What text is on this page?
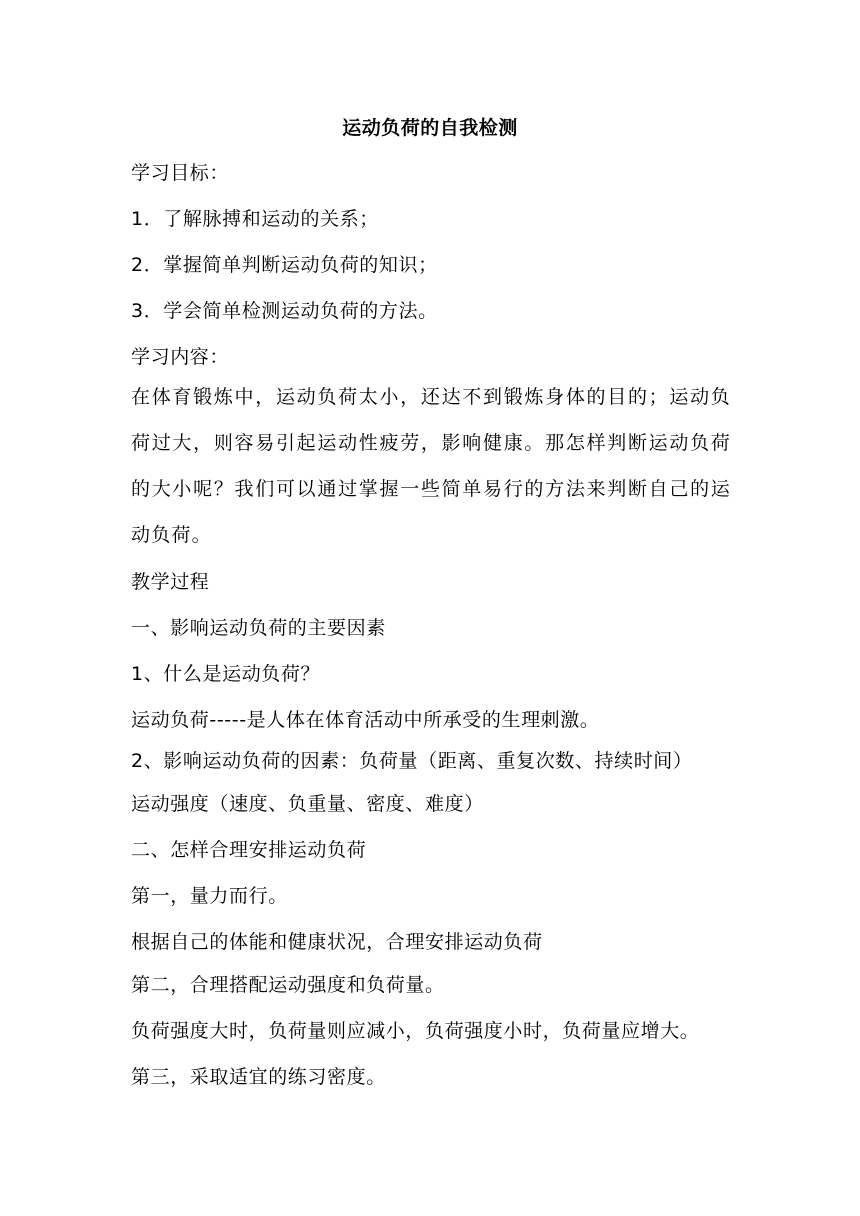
运动负荷的自我检测
学习目标：
1．了解脉搏和运动的关系；
2．掌握简单判断运动负荷的知识；
3．学会简单检测运动负荷的方法。
学习内容：
在体育锻炼中，运动负荷太小，还达不到锻炼身体的目的；运动负荷过大，则容易引起运动性疲劳，影响健康。那怎样判断运动负荷的大小呢？我们可以通过掌握一些简单易行的方法来判断自己的运动负荷。
教学过程
一、影响运动负荷的主要因素
1、什么是运动负荷？
运动负荷-----是人体在体育活动中所承受的生理刺激。
2、影响运动负荷的因素：负荷量（距离、重复次数、持续时间）
运动强度（速度、负重量、密度、难度）
二、怎样合理安排运动负荷
第一，量力而行。
根据自己的体能和健康状况，合理安排运动负荷
第二，合理搭配运动强度和负荷量。
负荷强度大时，负荷量则应减小，负荷强度小时，负荷量应增大。
第三，采取适宜的练习密度。
